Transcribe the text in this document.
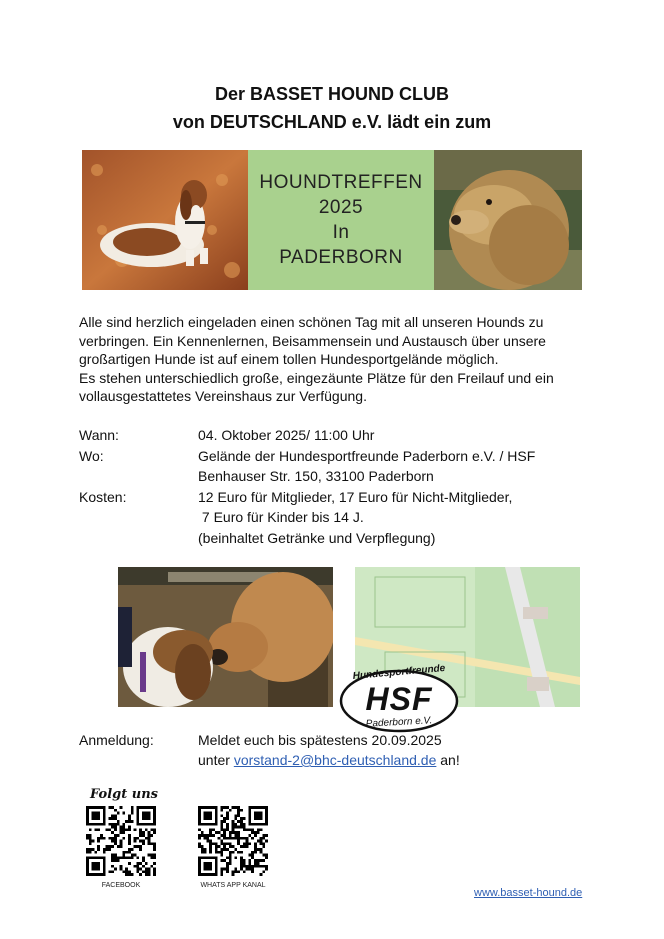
Der BASSET HOUND CLUB
von DEUTSCHLAND e.V. lädt ein zum
HOUNDTREFFEN
2025
In
PADERBORN
Alle sind herzlich eingeladen einen schönen Tag mit all unseren Hounds zu verbringen. Ein Kennenlernen, Beisammensein und Austausch über unsere großartigen Hunde ist auf einem tollen Hundesportgelände möglich.
Es stehen unterschiedlich große, eingezäunte Plätze für den Freilauf und ein vollausgestattetes Vereinshaus zur Verfügung.
Wann:	04. Oktober 2025/ 11:00 Uhr
Wo:	Gelände der Hundesportfreunde Paderborn e.V. / HSF
Benhauser Str. 150, 33100 Paderborn
Kosten:	12 Euro für Mitglieder, 17 Euro für Nicht-Mitglieder,
7 Euro für Kinder bis 14 J.
(beinhaltet Getränke und Verpflegung)
Hundesportfreunde
HSF
Paderborn e.V.
Anmeldung:	Meldet euch bis spätestens 20.09.2025
unter vorstand-2@bhc-deutschland.de an!
Folgt uns
FACEBOOK	WHATS APP KANAL
www.basset-hound.de
